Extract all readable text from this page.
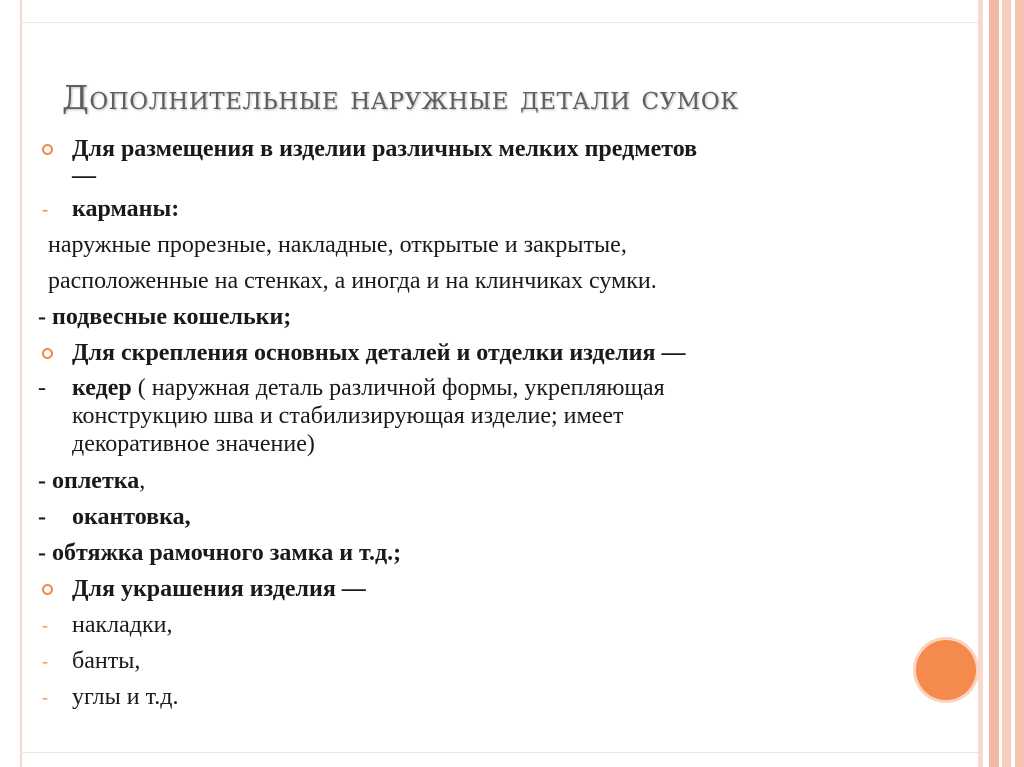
Дополнительные наружные детали сумок
Для размещения в изделии различных мелких предметов
—
- карманы:
наружные прорезные, накладные, открытые и закрытые,
расположенные на стенках, а иногда и на клинчиках сумки.
- подвесные кошельки;
Для скрепления основных деталей и отделки изделия —
- кедер ( наружная деталь различной формы, укрепляющая
конструкцию шва и стабилизирующая изделие; имеет
декоративное значение)
- оплетка,
- окантовка,
- обтяжка рамочного замка и т.д.;
Для украшения изделия —
- накладки,
- банты,
- углы и т.д.
